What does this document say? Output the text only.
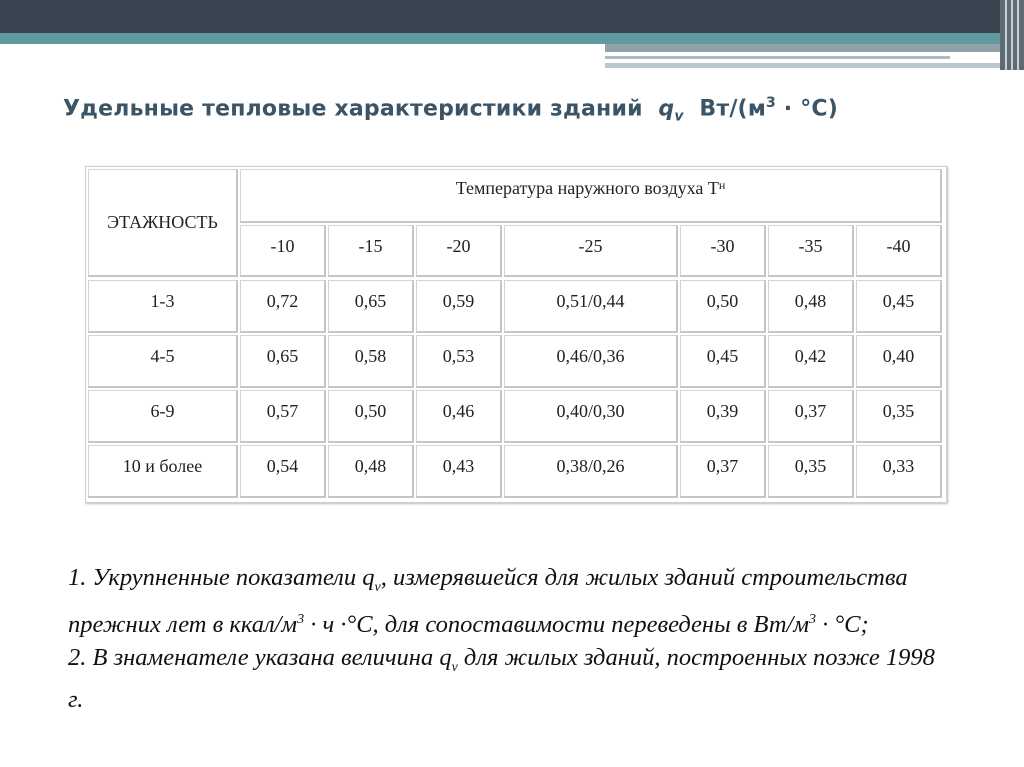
Удельные тепловые характеристики зданий $q_v$ $Вт/(м^3 \cdot ^\circ С)$
ЭТАЖНОСТЬ
Температура наружного воздуха Т н
-10	-15	-20	-25	-30	-35	-40
1-3	0,72	0,65	0,59	0,51/0,44	0,50	0,48	0,45
4-5	0,65	0,58	0,53	0,46/0,36	0,45	0,42	0,40
6-9	0,57	0,50	0,46	0,40/0,30	0,39	0,37	0,35
10 и более	0,54	0,48	0,43	0,38/0,26	0,37	0,35	0,33

1. Укрупненные показатели $q_v$, измерявшейся для жилых зданий строительства прежних лет в ккал/$м^3 \cdot ч \cdot^\circ С$, для сопоставимости переведены в $Вт/м^3 \cdot ^\circ С$;

2. В знаменателе указана величина $q_v$ для жилых зданий, построенных позже 1998 г.
